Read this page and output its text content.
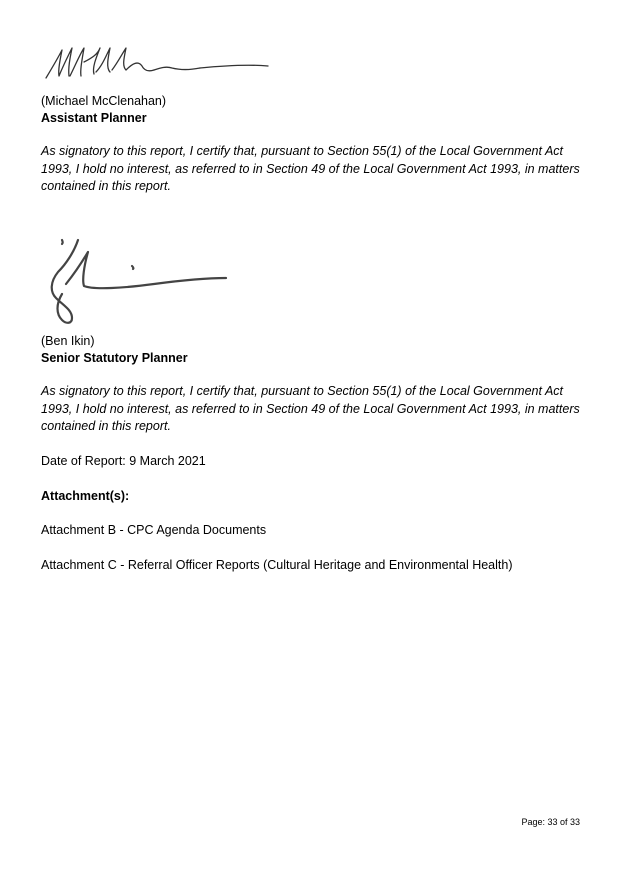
(Michael McClenahan)
Assistant Planner
As signatory to this report, I certify that, pursuant to Section 55(1) of the Local Government Act 1993, I hold no interest, as referred to in Section 49 of the Local Government Act 1993, in matters contained in this report.
(Ben Ikin)
Senior Statutory Planner
As signatory to this report, I certify that, pursuant to Section 55(1) of the Local Government Act 1993, I hold no interest, as referred to in Section 49 of the Local Government Act 1993, in matters contained in this report.
Date of Report: 9 March 2021
Attachment(s):
Attachment B - CPC Agenda Documents
Attachment C - Referral Officer Reports (Cultural Heritage and Environmental Health)
Page: 33 of 33
